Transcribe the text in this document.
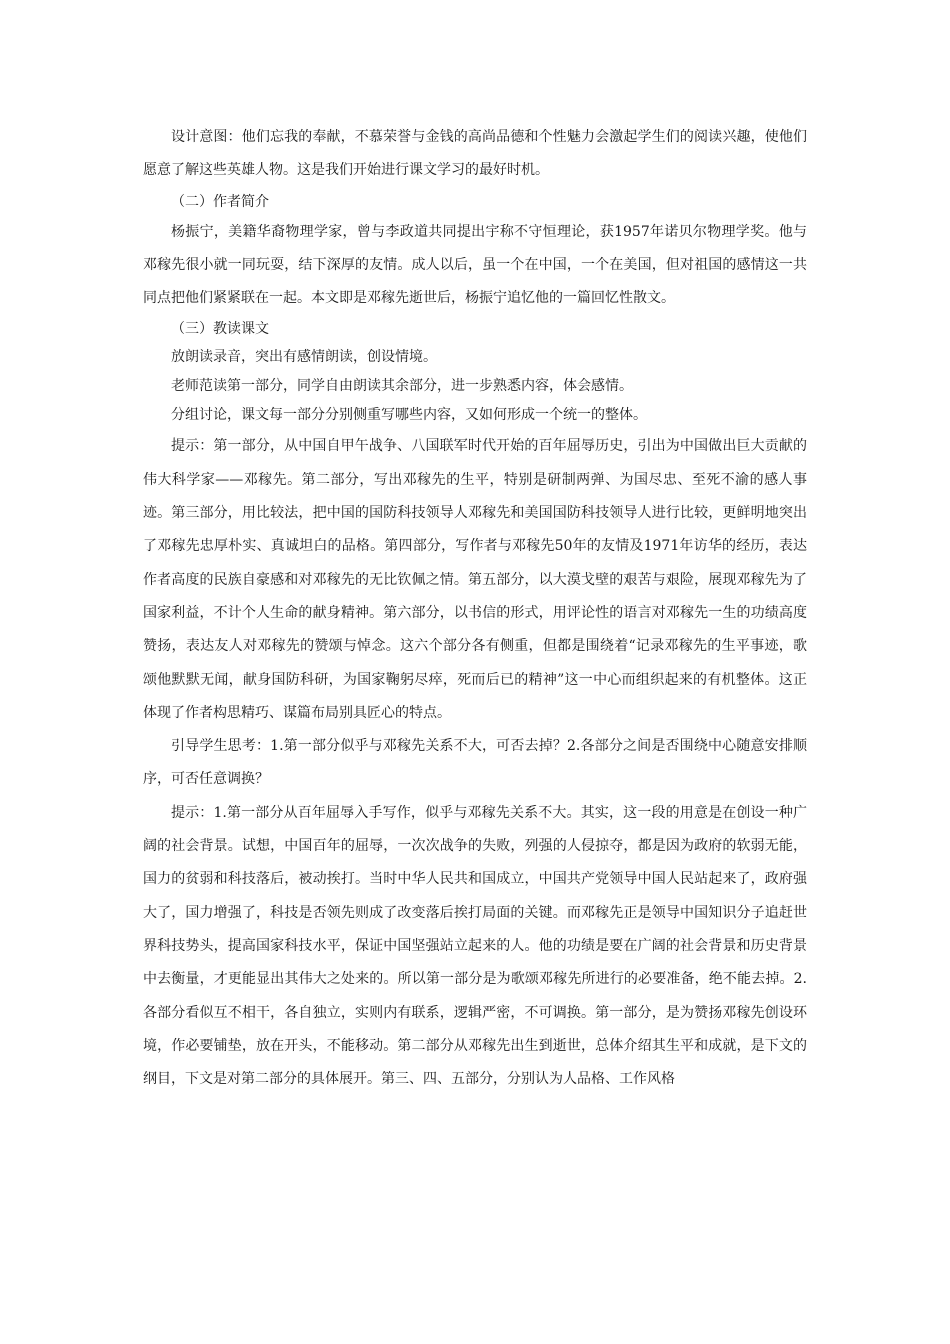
设计意图：他们忘我的奉献，不慕荣誉与金钱的高尚品德和个性魅力会激起学生们的阅读兴趣，使他们愿意了解这些英雄人物。这是我们开始进行课文学习的最好时机。

（二）作者简介

杨振宁，美籍华裔物理学家，曾与李政道共同提出宇称不守恒理论，获1957年诺贝尔物理学奖。他与邓稼先很小就一同玩耍，结下深厚的友情。成人以后，虽一个在中国，一个在美国，但对祖国的感情这一共同点把他们紧紧联在一起。本文即是邓稼先逝世后，杨振宁追忆他的一篇回忆性散文。

（三）教读课文

放朗读录音，突出有感情朗读，创设情境。

老师范读第一部分，同学自由朗读其余部分，进一步熟悉内容，体会感情。

分组讨论，课文每一部分分别侧重写哪些内容，又如何形成一个统一的整体。

提示：第一部分，从中国自甲午战争、八国联军时代开始的百年屈辱历史，引出为中国做出巨大贡献的伟大科学家——邓稼先。第二部分，写出邓稼先的生平，特别是研制两弹、为国尽忠、至死不渝的感人事迹。第三部分，用比较法，把中国的国防科技领导人邓稼先和美国国防科技领导人进行比较，更鲜明地突出了邓稼先忠厚朴实、真诚坦白的品格。第四部分，写作者与邓稼先50年的友情及1971年访华的经历，表达作者高度的民族自豪感和对邓稼先的无比钦佩之情。第五部分，以大漠戈壁的艰苦与艰险，展现邓稼先为了国家利益，不计个人生命的献身精神。第六部分，以书信的形式，用评论性的语言对邓稼先一生的功绩高度赞扬，表达友人对邓稼先的赞颂与悼念。这六个部分各有侧重，但都是围绕着“记录邓稼先的生平事迹，歌颂他默默无闻，献身国防科研，为国家鞠躬尽瘁，死而后已的精神”这一中心而组织起来的有机整体。这正体现了作者构思精巧、谋篇布局别具匠心的特点。

引导学生思考：1.第一部分似乎与邓稼先关系不大，可否去掉？2.各部分之间是否围绕中心随意安排顺序，可否任意调换？

提示：1.第一部分从百年屈辱入手写作，似乎与邓稼先关系不大。其实，这一段的用意是在创设一种广阔的社会背景。试想，中国百年的屈辱，一次次战争的失败，列强的人侵掠夺，都是因为政府的软弱无能，国力的贫弱和科技落后，被动挨打。当时中华人民共和国成立，中国共产党领导中国人民站起来了，政府强大了，国力增强了，科技是否领先则成了改变落后挨打局面的关键。而邓稼先正是领导中国知识分子追赶世界科技势头，提高国家科技水平，保证中国坚强站立起来的人。他的功绩是要在广阔的社会背景和历史背景中去衡量，才更能显出其伟大之处来的。所以第一部分是为歌颂邓稼先所进行的必要准备，绝不能去掉。2.各部分看似互不相干，各自独立，实则内有联系，逻辑严密，不可调换。第一部分，是为赞扬邓稼先创设环境，作必要铺垫，放在开头，不能移动。第二部分从邓稼先出生到逝世，总体介绍其生平和成就，是下文的纲目，下文是对第二部分的具体展开。第三、四、五部分，分别认为人品格、工作风格
